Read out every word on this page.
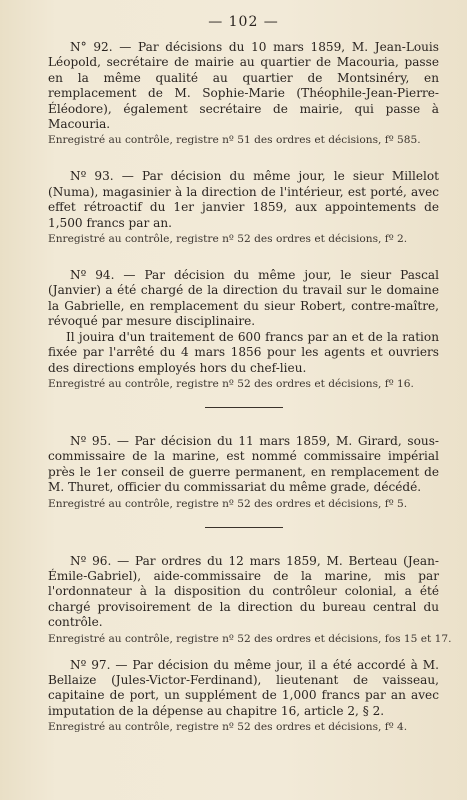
— 102 —

N° 92. — Par décisions du 10 mars 1859, M. Jean-Louis Léopold, secrétaire de mairie au quartier de Macouria, passe en la même qualité au quartier de Montsinéry, en remplacement de M. Sophie-Marie (Théophile-Jean-Pierre-Éléodore), également secrétaire de mairie, qui passe à Macouria.

Enregistré au contrôle, registre nº 51 des ordres et décisions, fº 585.

Nº 93. — Par décision du même jour, le sieur Millelot (Numa), magasinier à la direction de l'intérieur, est porté, avec effet rétroactif du 1er janvier 1859, aux appointements de 1,500 francs par an.

Enregistré au contrôle, registre nº 52 des ordres et décisions, fº 2.

Nº 94. — Par décision du même jour, le sieur Pascal (Janvier) a été chargé de la direction du travail sur le domaine la Gabrielle, en remplacement du sieur Robert, contre-maître, révoqué par mesure disciplinaire.

Il jouira d'un traitement de 600 francs par an et de la ration fixée par l'arrêté du 4 mars 1856 pour les agents et ouvriers des directions employés hors du chef-lieu.

Enregistré au contrôle, registre nº 52 des ordres et décisions, fº 16.

Nº 95. — Par décision du 11 mars 1859, M. Girard, sous-commissaire de la marine, est nommé commissaire impérial près le 1er conseil de guerre permanent, en remplacement de M. Thuret, officier du commissariat du même grade, décédé.

Enregistré au contrôle, registre nº 52 des ordres et décisions, fº 5.

Nº 96. — Par ordres du 12 mars 1859, M. Berteau (Jean-Émile-Gabriel), aide-commissaire de la marine, mis par l'ordonnateur à la disposition du contrôleur colonial, a été chargé provisoirement de la direction du bureau central du contrôle.

Enregistré au contrôle, registre nº 52 des ordres et décisions, fos 15 et 17.

Nº 97. — Par décision du même jour, il a été accordé à M. Bellaize (Jules-Victor-Ferdinand), lieutenant de vaisseau, capitaine de port, un supplément de 1,000 francs par an avec imputation de la dépense au chapitre 16, article 2, § 2.

Enregistré au contrôle, registre nº 52 des ordres et décisions, fº 4.
